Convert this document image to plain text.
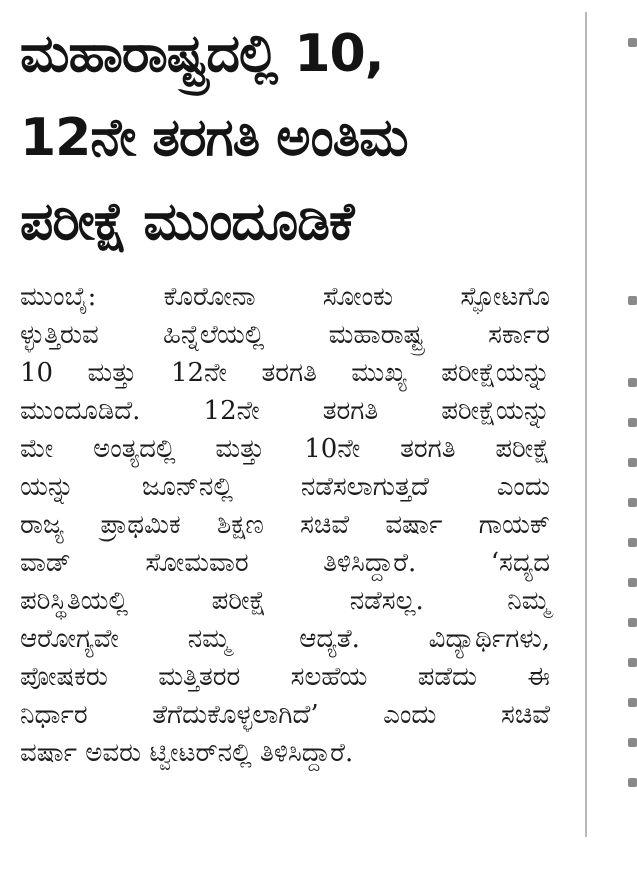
ಮಹಾರಾಷ್ಟ್ರದಲ್ಲಿ 10,
12ನೇ ತರಗತಿ ಅಂತಿಮ
ಪರೀಕ್ಷೆ ಮುಂದೂಡಿಕೆ
ಮುಂಬೈ: ಕೊರೋನಾ ಸೋಂಕು ಸ್ಫೋಟಗೊ
ಳ್ಳುತ್ತಿರುವ ಹಿನ್ನೆಲೆಯಲ್ಲಿ ಮಹಾರಾಷ್ಟ್ರ ಸರ್ಕಾರ
10 ಮತ್ತು 12ನೇ ತರಗತಿ ಮುಖ್ಯ ಪರೀಕ್ಷೆಯನ್ನು
ಮುಂದೂಡಿದೆ. 12ನೇ ತರಗತಿ ಪರೀಕ್ಷೆಯನ್ನು
ಮೇ ಅಂತ್ಯದಲ್ಲಿ ಮತ್ತು 10ನೇ ತರಗತಿ ಪರೀಕ್ಷೆ
ಯನ್ನು ಜೂನ್‌ನಲ್ಲಿ ನಡೆಸಲಾಗುತ್ತದೆ ಎಂದು
ರಾಜ್ಯ ಪ್ರಾಥಮಿಕ ಶಿಕ್ಷಣ ಸಚಿವೆ ವರ್ಷಾ ಗಾಯಕ್
ವಾಡ್ ಸೋಮವಾರ ತಿಳಿಸಿದ್ದಾರೆ. ‘ಸದ್ಯದ
ಪರಿಸ್ಥಿತಿಯಲ್ಲಿ ಪರೀಕ್ಷೆ ನಡೆಸಲ್ಲ. ನಿಮ್ಮ
ಆರೋಗ್ಯವೇ ನಮ್ಮ ಆದ್ಯತೆ. ವಿದ್ಯಾರ್ಥಿಗಳು,
ಪೋಷಕರು ಮತ್ತಿತರರ ಸಲಹೆಯ ಪಡೆದು ಈ
ನಿರ್ಧಾರ ತೆಗೆದುಕೊಳ್ಳಲಾಗಿದೆ’ ಎಂದು ಸಚಿವೆ
ವರ್ಷಾ ಅವರು ಟ್ವೀಟರ್‌ನಲ್ಲಿ ತಿಳಿಸಿದ್ದಾರೆ.
